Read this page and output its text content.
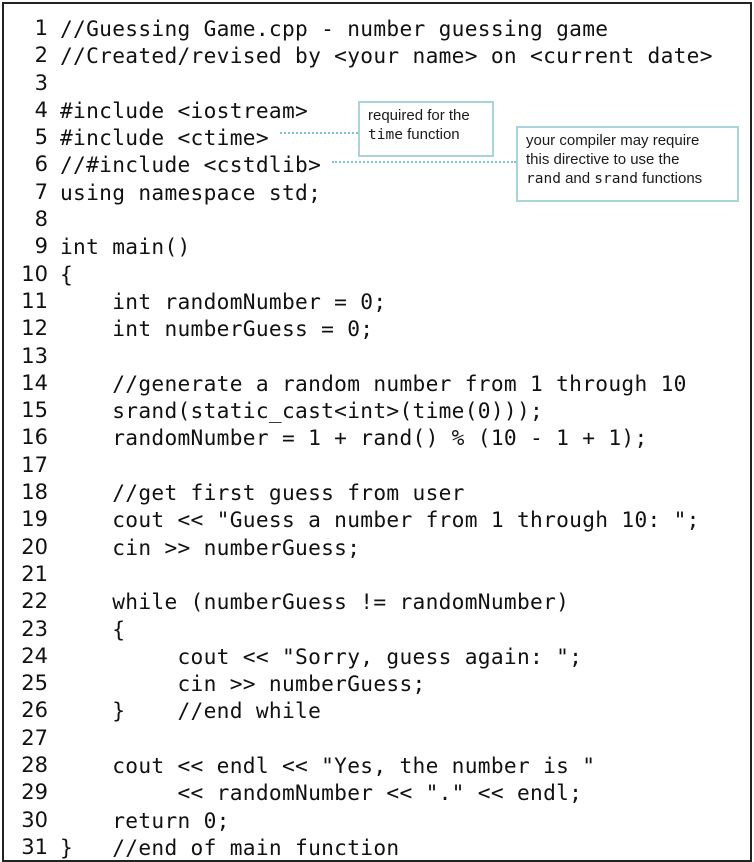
1 //Guessing Game.cpp - number guessing game
2 //Created/revised by <your name> on <current date>
3
4 #include <iostream>
5 #include <ctime>
6 //#include <cstdlib>
7 using namespace std;
8
9 int main()
10 {
11 int randomNumber = 0;
12 int numberGuess = 0;
13
14 //generate a random number from 1 through 10
15 srand(static_cast<int>(time(0)));
16 randomNumber = 1 + rand() % (10 - 1 + 1);
17
18 //get first guess from user
19 cout << "Guess a number from 1 through 10: ";
20 cin >> numberGuess;
21
22 while (numberGuess != randomNumber)
23 {
24 cout << "Sorry, guess again: ";
25 cin >> numberGuess;
26 }    //end while
27
28 cout << endl << "Yes, the number is "
29 << randomNumber << "." << endl;
30 return 0;
31 }   //end of main function
required for the
time function	your compiler may require
this directive to use the
rand and srand functions
